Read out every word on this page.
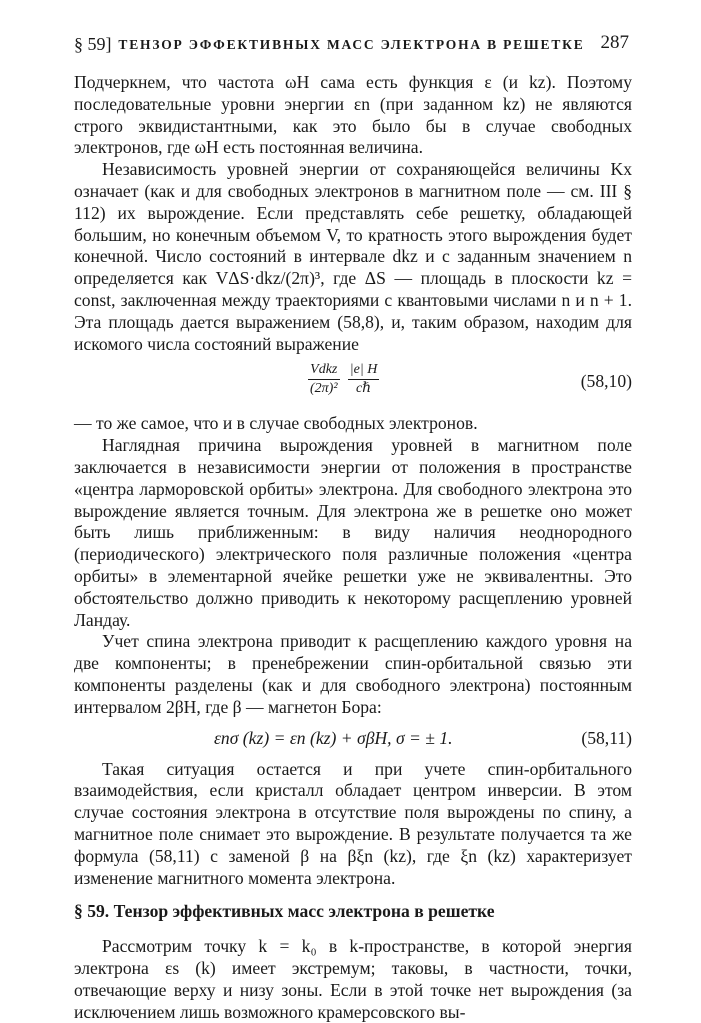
§ 59] ТЕНЗОР ЭФФЕКТИВНЫХ МАСС ЭЛЕКТРОНА В РЕШЕТКЕ 287

Подчеркнем, что частота ωH сама есть функция ε (и kz). Поэтому последовательные уровни энергии εn (при заданном kz) не являются строго эквидистантными, как это было бы в случае свободных электронов, где ωH есть постоянная величина.

Независимость уровней энергии от сохраняющейся величины Kx означает (как и для свободных электронов в магнитном поле — см. III § 112) их вырождение. Если представлять себе решетку, обладающей большим, но конечным объемом V, то кратность этого вырождения будет конечной. Число состояний в интервале dkz и с заданным значением n определяется как VΔS·dkz/(2π)³, где ΔS — площадь в плоскости kz = const, заключенная между траекториями с квантовыми числами n и n + 1. Эта площадь дается выражением (58,8), и, таким образом, находим для искомого числа состояний выражение

$\frac{\text{Vdkz}}{\text{(2π)²}}$
$\frac{|e| H}{\text{cℏ}}$	(58,10)

— то же самое, что и в случае свободных электронов.

Наглядная причина вырождения уровней в магнитном поле заключается в независимости энергии от положения в пространстве «центра ларморовской орбиты» электрона. Для свободного электрона это вырождение является точным. Для электрона же в решетке оно может быть лишь приближенным: в виду наличия неоднородного (периодического) электрического поля различные положения «центра орбиты» в элементарной ячейке решетки уже не эквивалентны. Это обстоятельство должно приводить к некоторому расщеплению уровней Ландау.

Учет спина электрона приводит к расщеплению каждого уровня на две компоненты; в пренебрежении спин-орбитальной связью эти компоненты разделены (как и для свободного электрона) постоянным интервалом 2βH, где β — магнетон Бора:

εnσ (kz) = εn (kz) + σβH, σ = ± 1.	(58,11)

Такая ситуация остается и при учете спин-орбитального взаимодействия, если кристалл обладает центром инверсии. В этом случае состояния электрона в отсутствие поля вырождены по спину, а магнитное поле снимает это вырождение. В результате получается та же формула (58,11) с заменой β на βξn (kz), где ξn (kz) характеризует изменение магнитного момента электрона.

§ 59. Тензор эффективных масс электрона в решетке

Рассмотрим точку k = k₀ в k-пространстве, в которой энергия электрона εs (k) имеет экстремум; таковы, в частности, точки, отвечающие верху и низу зоны. Если в этой точке нет вырождения (за исключением лишь возможного крамерсовского вы-
